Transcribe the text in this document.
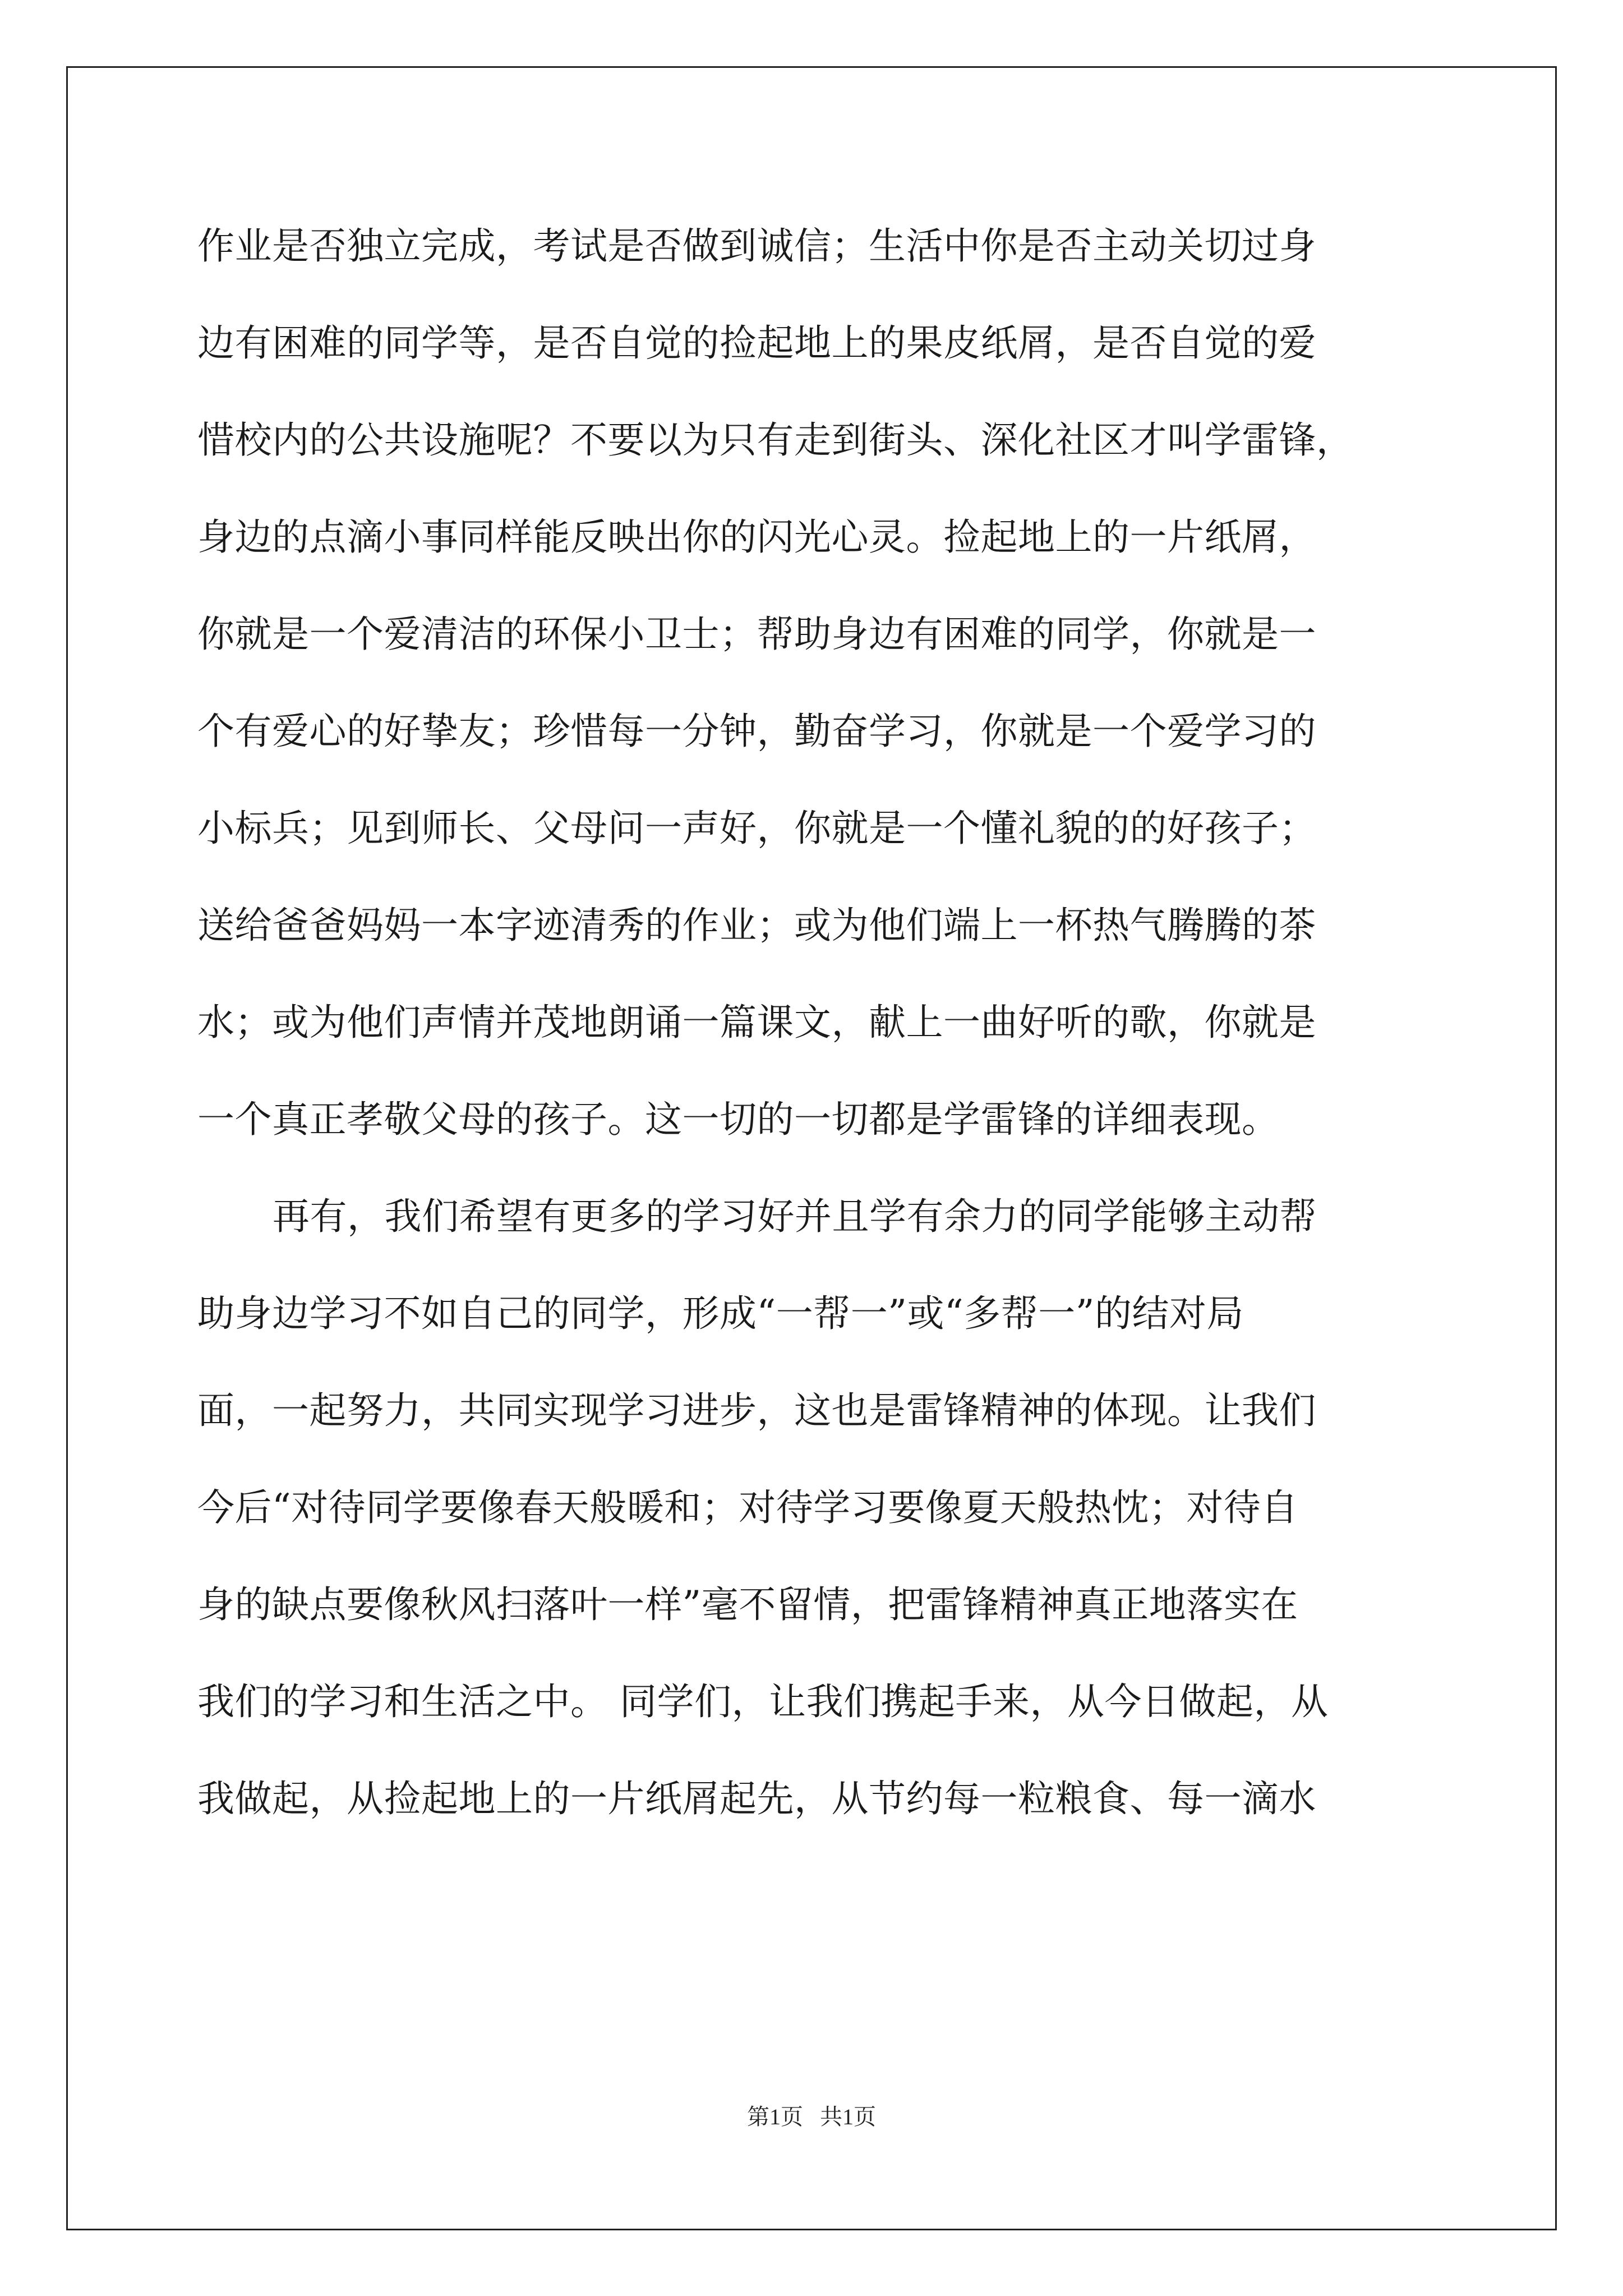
作业是否独立完成，考试是否做到诚信；生活中你是否主动关切过身
边有困难的同学等，是否自觉的捡起地上的果皮纸屑，是否自觉的爱
惜校内的公共设施呢？不要以为只有走到街头、深化社区才叫学雷锋，
身边的点滴小事同样能反映出你的闪光心灵。捡起地上的一片纸屑，
你就是一个爱清洁的环保小卫士；帮助身边有困难的同学，你就是一
个有爱心的好挚友；珍惜每一分钟，勤奋学习，你就是一个爱学习的
小标兵；见到师长、父母问一声好，你就是一个懂礼貌的的好孩子；
送给爸爸妈妈一本字迹清秀的作业；或为他们端上一杯热气腾腾的茶
水；或为他们声情并茂地朗诵一篇课文，献上一曲好听的歌，你就是
一个真正孝敬父母的孩子。这一切的一切都是学雷锋的详细表现。
再有，我们希望有更多的学习好并且学有余力的同学能够主动帮
助身边学习不如自己的同学，形成“一帮一”或“多帮一”的结对局
面，一起努力，共同实现学习进步，这也是雷锋精神的体现。让我们
今后“对待同学要像春天般暖和；对待学习要像夏天般热忱；对待自
身的缺点要像秋风扫落叶一样”毫不留情，把雷锋精神真正地落实在
我们的学习和生活之中。 同学们，让我们携起手来，从今日做起，从
我做起，从捡起地上的一片纸屑起先，从节约每一粒粮食、每一滴水
第1页   共1页
